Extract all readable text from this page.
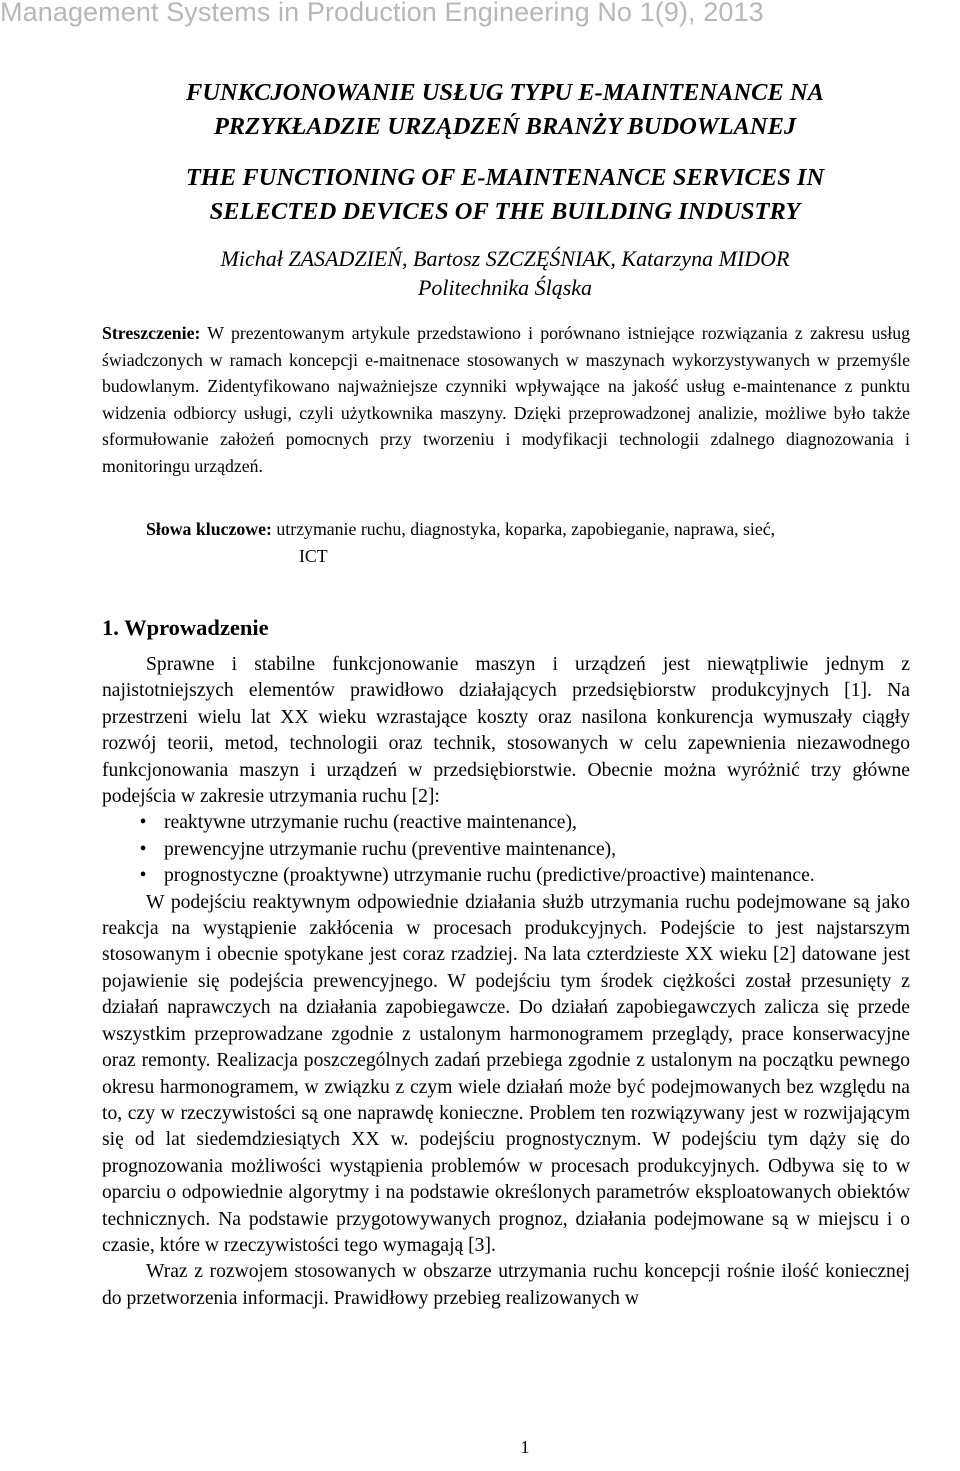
Management Systems in Production Engineering No 1(9), 2013
FUNKCJONOWANIE USŁUG TYPU E-MAINTENANCE NA
PRZYKŁADZIE URZĄDZEŃ BRANŻY BUDOWLANEJ
THE FUNCTIONING OF E-MAINTENANCE SERVICES IN
SELECTED DEVICES OF THE BUILDING INDUSTRY
Michał ZASADZIEŃ, Bartosz SZCZĘŚNIAK, Katarzyna MIDOR
Politechnika Śląska

Streszczenie: W prezentowanym artykule przedstawiono i porównano istniejące rozwiązania z zakresu usług świadczonych w ramach koncepcji e-maitnenace stosowanych w maszynach wykorzystywanych w przemyśle budowlanym. Zidentyfikowano najważniejsze czynniki wpływające na jakość usług e-maintenance z punktu widzenia odbiorcy usługi, czyli użytkownika maszyny. Dzięki przeprowadzonej analizie, możliwe było także sformułowanie założeń pomocnych przy tworzeniu i modyfikacji technologii zdalnego diagnozowania i monitoringu urządzeń.

Słowa kluczowe: utrzymanie ruchu, diagnostyka, koparka, zapobieganie, naprawa, sieć,
ICT

1. Wprowadzenie

Sprawne i stabilne funkcjonowanie maszyn i urządzeń jest niewątpliwie jednym z najistotniejszych elementów prawidłowo działających przedsiębiorstw produkcyjnych [1]. Na przestrzeni wielu lat XX wieku wzrastające koszty oraz nasilona konkurencja wymuszały ciągły rozwój teorii, metod, technologii oraz technik, stosowanych w celu zapewnienia niezawodnego funkcjonowania maszyn i urządzeń w przedsiębiorstwie. Obecnie można wyróżnić trzy główne podejścia w zakresie utrzymania ruchu [2]:

• reaktywne utrzymanie ruchu (reactive maintenance),
• prewencyjne utrzymanie ruchu (preventive maintenance),
• prognostyczne (proaktywne) utrzymanie ruchu (predictive/proactive) maintenance.

W podejściu reaktywnym odpowiednie działania służb utrzymania ruchu podejmowane są jako reakcja na wystąpienie zakłócenia w procesach produkcyjnych. Podejście to jest najstarszym stosowanym i obecnie spotykane jest coraz rzadziej. Na lata czterdzieste XX wieku [2] datowane jest pojawienie się podejścia prewencyjnego. W podejściu tym środek ciężkości został przesunięty z działań naprawczych na działania zapobiegawcze. Do działań zapobiegawczych zalicza się przede wszystkim przeprowadzane zgodnie z ustalonym harmonogramem przeglądy, prace konserwacyjne oraz remonty. Realizacja poszczególnych zadań przebiega zgodnie z ustalonym na początku pewnego okresu harmonogramem, w związku z czym wiele działań może być podejmowanych bez względu na to, czy w rzeczywistości są one naprawdę konieczne. Problem ten rozwiązywany jest w rozwijającym się od lat siedemdziesiątych XX w. podejściu prognostycznym. W podejściu tym dąży się do prognozowania możliwości wystąpienia problemów w procesach produkcyjnych. Odbywa się to w oparciu o odpowiednie algorytmy i na podstawie określonych parametrów eksploatowanych obiektów technicznych. Na podstawie przygotowywanych prognoz, działania podejmowane są w miejscu i o czasie, które w rzeczywistości tego wymagają [3].

Wraz z rozwojem stosowanych w obszarze utrzymania ruchu koncepcji rośnie ilość koniecznej do przetworzenia informacji. Prawidłowy przebieg realizowanych w

1
